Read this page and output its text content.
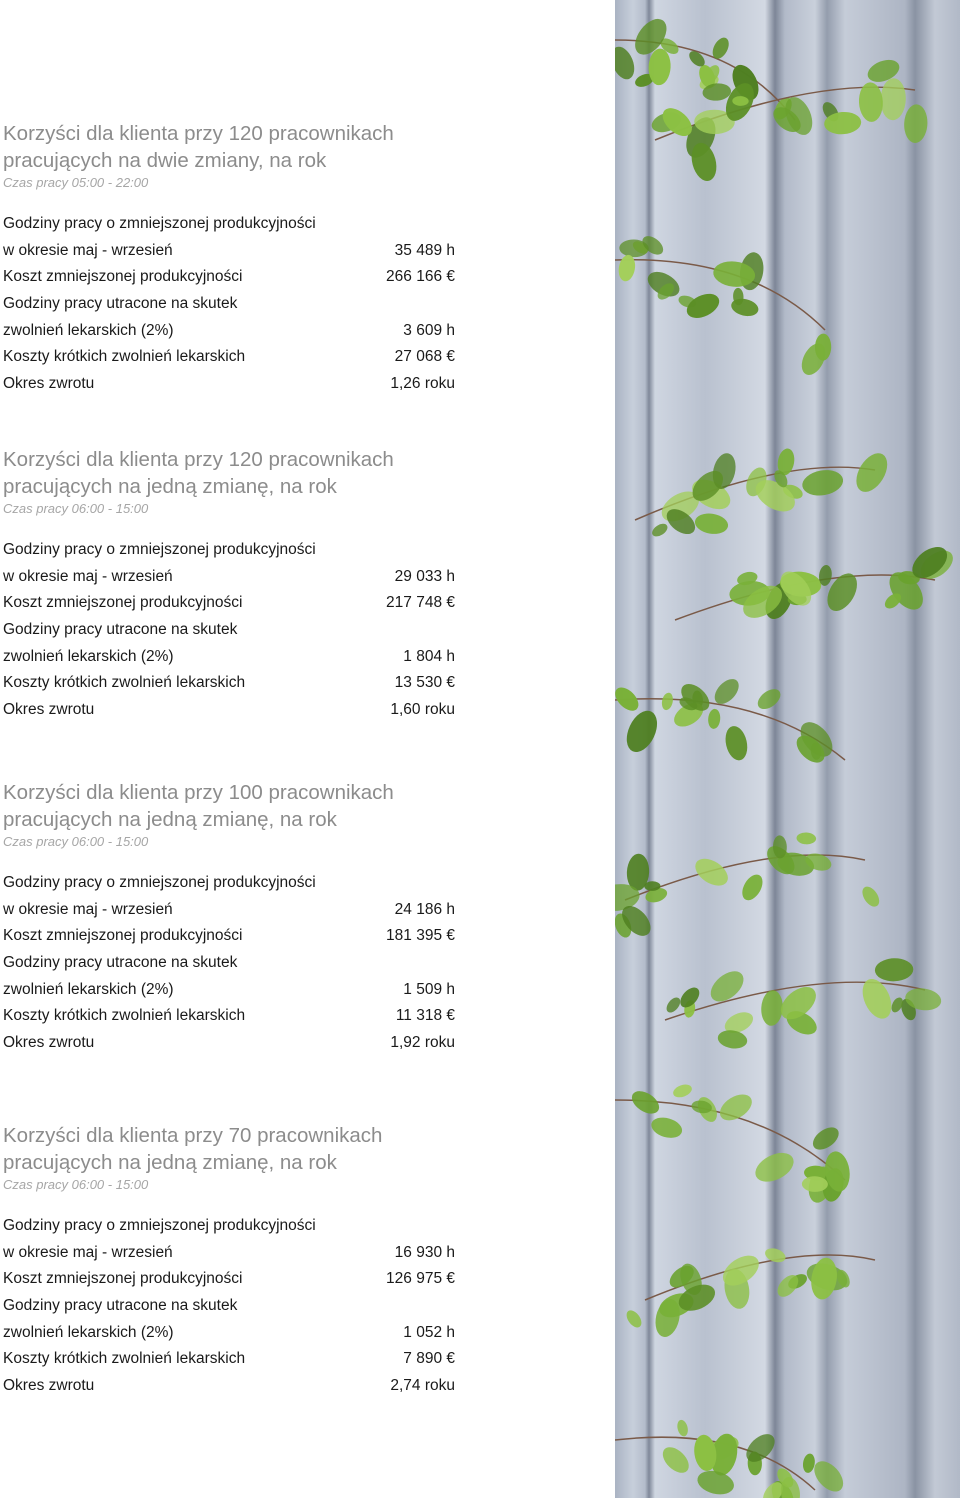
Korzyści dla klienta przy 120 pracownikach
pracujących na dwie zmiany, na rok
Czas pracy 05:00 - 22:00
Godziny pracy o zmniejszonej produkcyjności
w okresie maj - wrzesień	35 489 h
Koszt zmniejszonej produkcyjności	266 166 €
Godziny pracy utracone na skutek
zwolnień lekarskich (2%)	3 609 h
Koszty krótkich zwolnień lekarskich	27 068 €
Okres zwrotu	1,26 roku
Korzyści dla klienta przy 120 pracownikach
pracujących na jedną zmianę, na rok
Czas pracy 06:00 - 15:00
Godziny pracy o zmniejszonej produkcyjności
w okresie maj - wrzesień	29 033 h
Koszt zmniejszonej produkcyjności	217 748 €
Godziny pracy utracone na skutek
zwolnień lekarskich (2%)	1 804 h
Koszty krótkich zwolnień lekarskich	13 530 €
Okres zwrotu	1,60 roku
Korzyści dla klienta przy 100 pracownikach
pracujących na jedną zmianę, na rok
Czas pracy 06:00 - 15:00
Godziny pracy o zmniejszonej produkcyjności
w okresie maj - wrzesień	24 186 h
Koszt zmniejszonej produkcyjności	181 395 €
Godziny pracy utracone na skutek
zwolnień lekarskich (2%)	1 509 h
Koszty krótkich zwolnień lekarskich	11 318 €
Okres zwrotu	1,92 roku
Korzyści dla klienta przy 70 pracownikach
pracujących na jedną zmianę, na rok
Czas pracy 06:00 - 15:00
Godziny pracy o zmniejszonej produkcyjności
w okresie maj - wrzesień	16 930 h
Koszt zmniejszonej produkcyjności	126 975 €
Godziny pracy utracone na skutek
zwolnień lekarskich (2%)	1 052 h
Koszty krótkich zwolnień lekarskich	7 890 €
Okres zwrotu	2,74 roku
